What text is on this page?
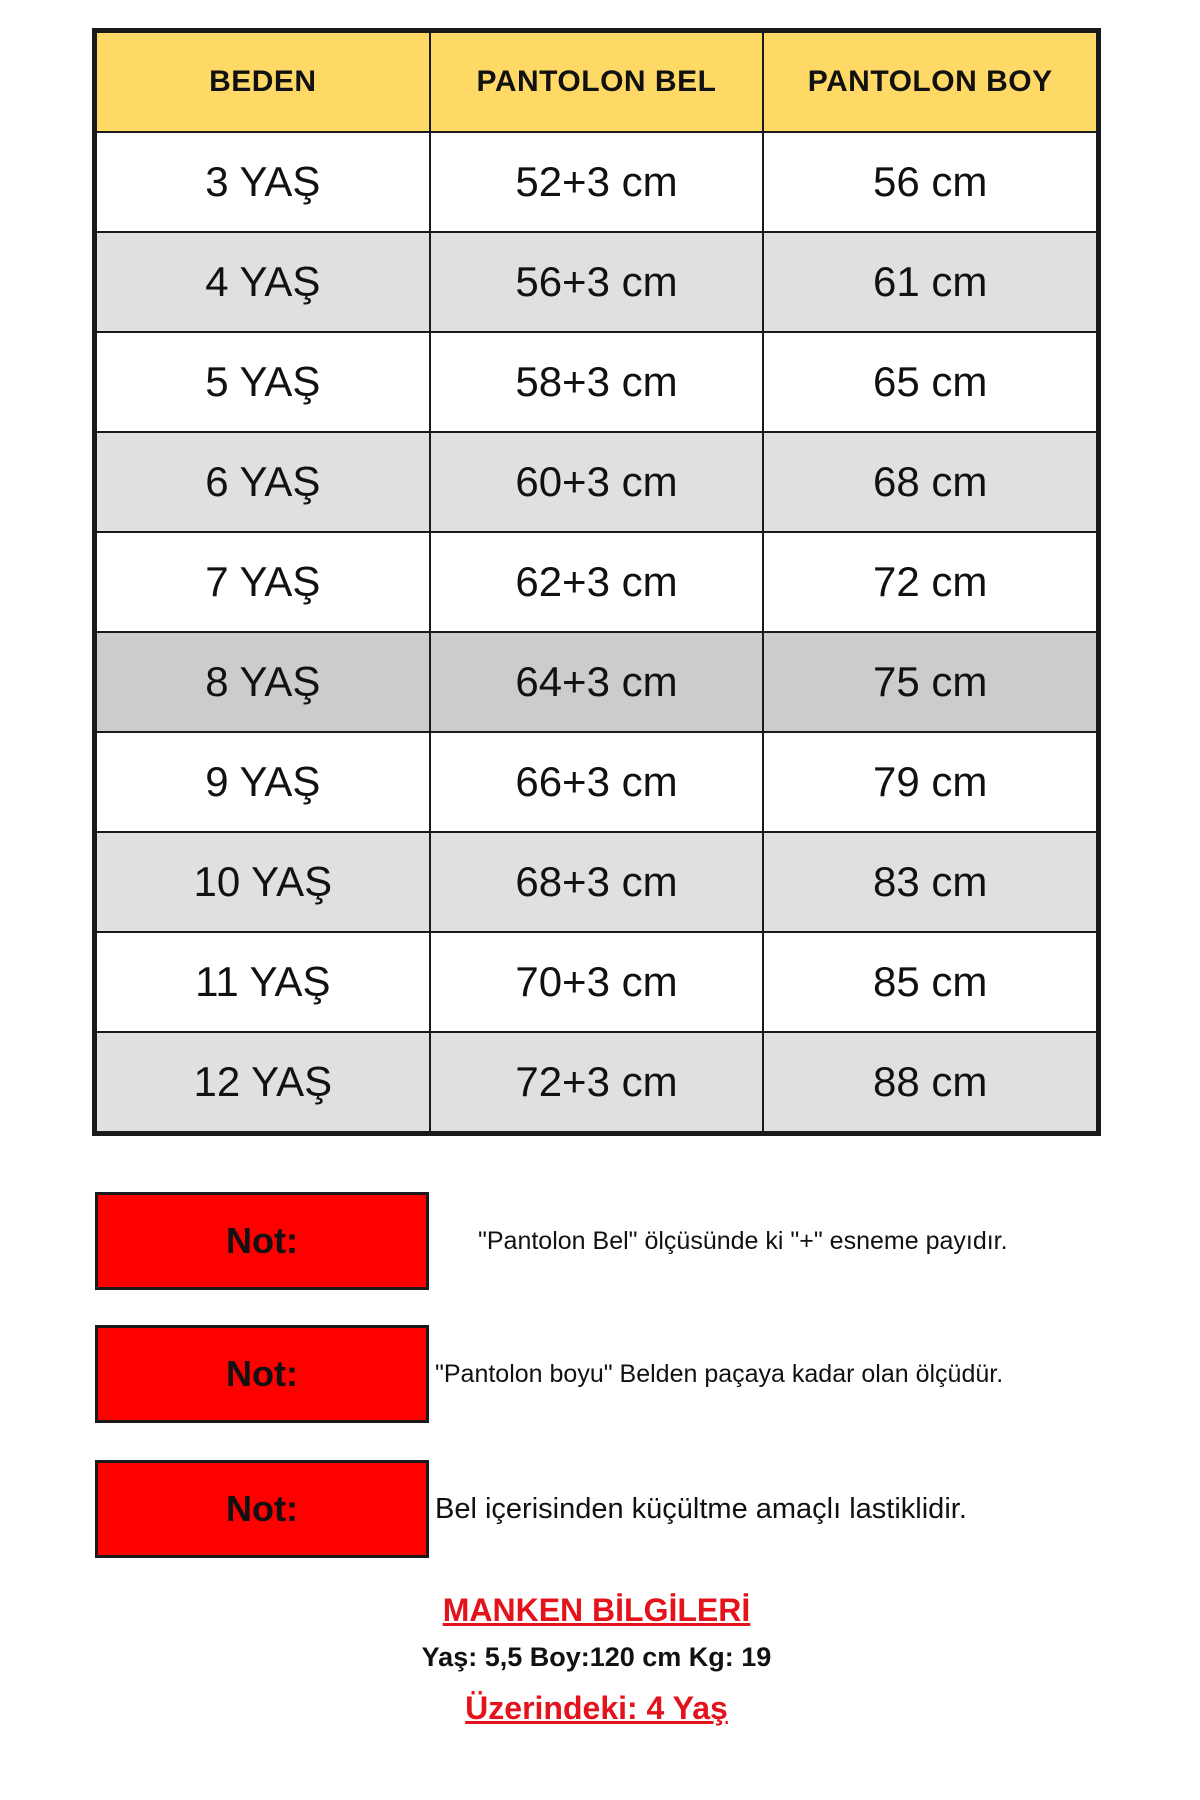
BEDEN	PANTOLON BEL	PANTOLON BOY
3 YAŞ	52+3 cm	56 cm
4 YAŞ	56+3 cm	61 cm
5 YAŞ	58+3 cm	65 cm
6 YAŞ	60+3 cm	68 cm
7 YAŞ	62+3 cm	72 cm
8 YAŞ	64+3 cm	75 cm
9 YAŞ	66+3 cm	79 cm
10 YAŞ	68+3 cm	83 cm
11 YAŞ	70+3 cm	85 cm
12 YAŞ	72+3 cm	88 cm
Not:	"Pantolon Bel" ölçüsünde ki "+" esneme payıdır.
Not:	"Pantolon boyu" Belden paçaya kadar olan ölçüdür.
Not:	Bel içerisinden küçültme amaçlı lastiklidir.
MANKEN BİLGİLERİ
Yaş: 5,5 Boy:120 cm Kg: 19
Üzerindeki: 4 Yaş
